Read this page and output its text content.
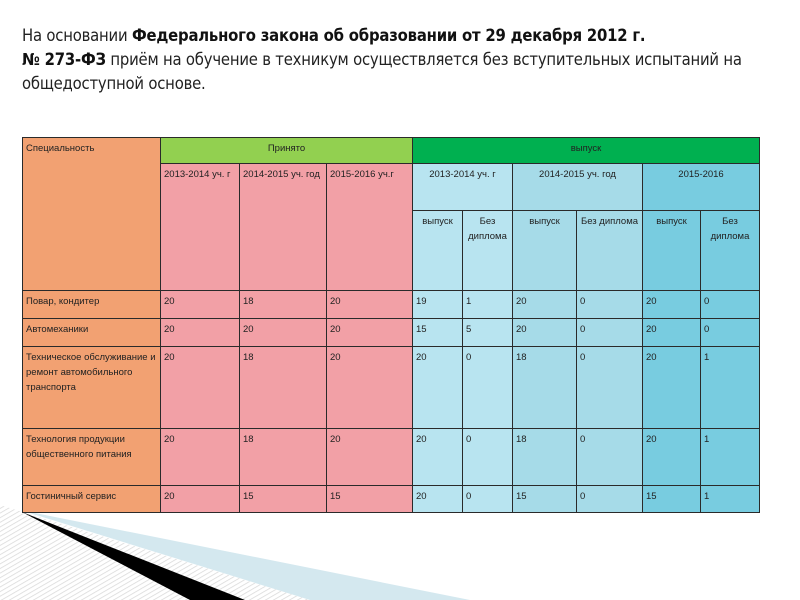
На основании Федерального закона об образовании от 29 декабря 2012 г.
№ 273-ФЗ приём на обучение в техникум осуществляется без вступительных испытаний на общедоступной основе.
Специальность	Принято			выпуск					
	2013-2014 уч. г	2014-2015 уч. год	2015-2016 уч.г	2013-2014 уч. г		2014-2015 уч. год		2015-2016	
				выпуск	Без диплома	выпуск	Без диплома	выпуск	Без диплома
Повар, кондитер	20	18	20	19	1	20	0	20	0
Автомеханики	20	20	20	15	5	20	0	20	0
Техническое обслуживание и ремонт автомобильного транспорта	20	18	20	20	0	18	0	20	1
Технология продукции общественного питания	20	18	20	20	0	18	0	20	1
Гостиничный сервис	20	15	15	20	0	15	0	15	1
